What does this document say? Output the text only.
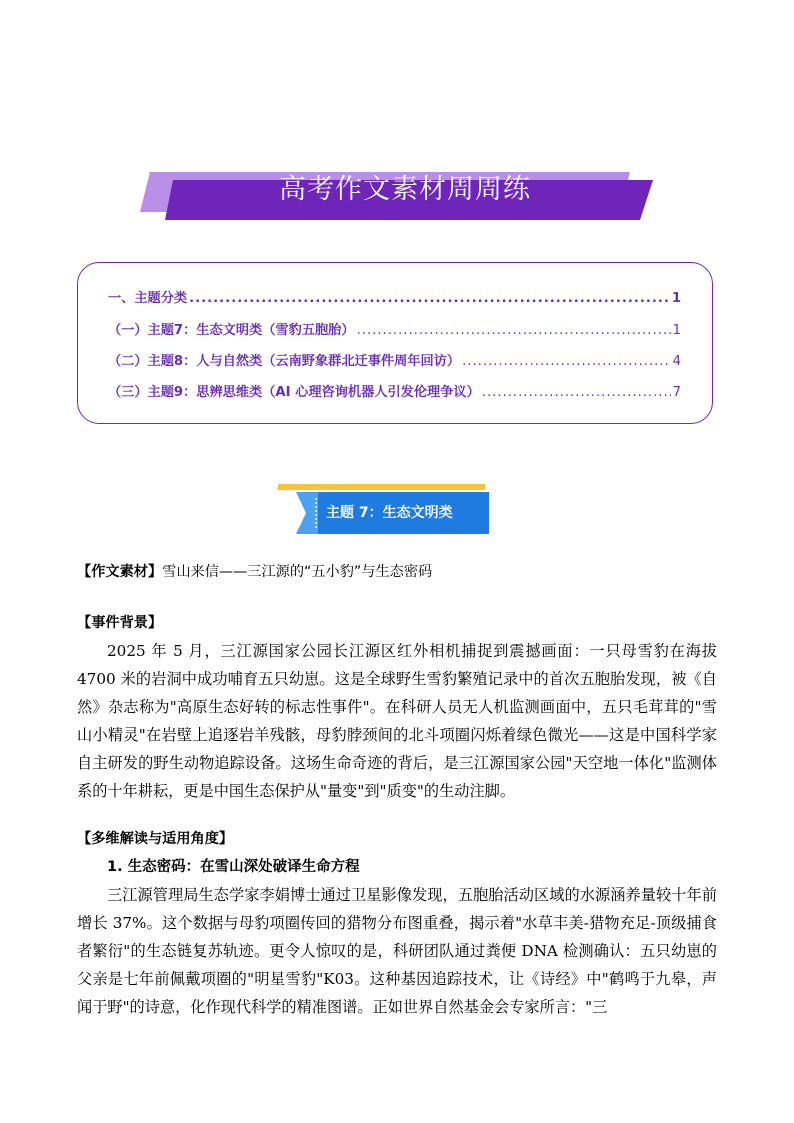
高考作文素材周周练
一、主题分类 .....	1
（一）主题7：生态文明类（雪豹五胞胎） .....	1
（二）主题8：人与自然类（云南野象群北迁事件周年回访） .....	4
（三）主题9：思辨思维类（AI 心理咨询机器人引发伦理争议） .....	7
主题 7：生态文明类
【作文素材】雪山来信——三江源的“五小豹”与生态密码
【事件背景】
2025 年 5 月，三江源国家公园长江源区红外相机捕捉到震撼画面：一只母雪豹在海拔 4700 米的岩洞中成功哺育五只幼崽。这是全球野生雪豹繁殖记录中的首次五胞胎发现，被《自然》杂志称为"高原生态好转的标志性事件"。在科研人员无人机监测画面中，五只毛茸茸的"雪山小精灵"在岩壁上追逐岩羊残骸，母豹脖颈间的北斗项圈闪烁着绿色微光——这是中国科学家自主研发的野生动物追踪设备。这场生命奇迹的背后，是三江源国家公园"天空地一体化"监测体系的十年耕耘，更是中国生态保护从"量变"到"质变"的生动注脚。
【多维解读与适用角度】
1. 生态密码：在雪山深处破译生命方程
三江源管理局生态学家李娟博士通过卫星影像发现，五胞胎活动区域的水源涵养量较十年前增长 37%。这个数据与母豹项圈传回的猎物分布图重叠，揭示着"水草丰美-猎物充足-顶级捕食者繁衍"的生态链复苏轨迹。更令人惊叹的是，科研团队通过粪便 DNA 检测确认：五只幼崽的父亲是七年前佩戴项圈的"明星雪豹"K03。这种基因追踪技术，让《诗经》中"鹤鸣于九皋，声闻于野"的诗意，化作现代科学的精准图谱。正如世界自然基金会专家所言："三
